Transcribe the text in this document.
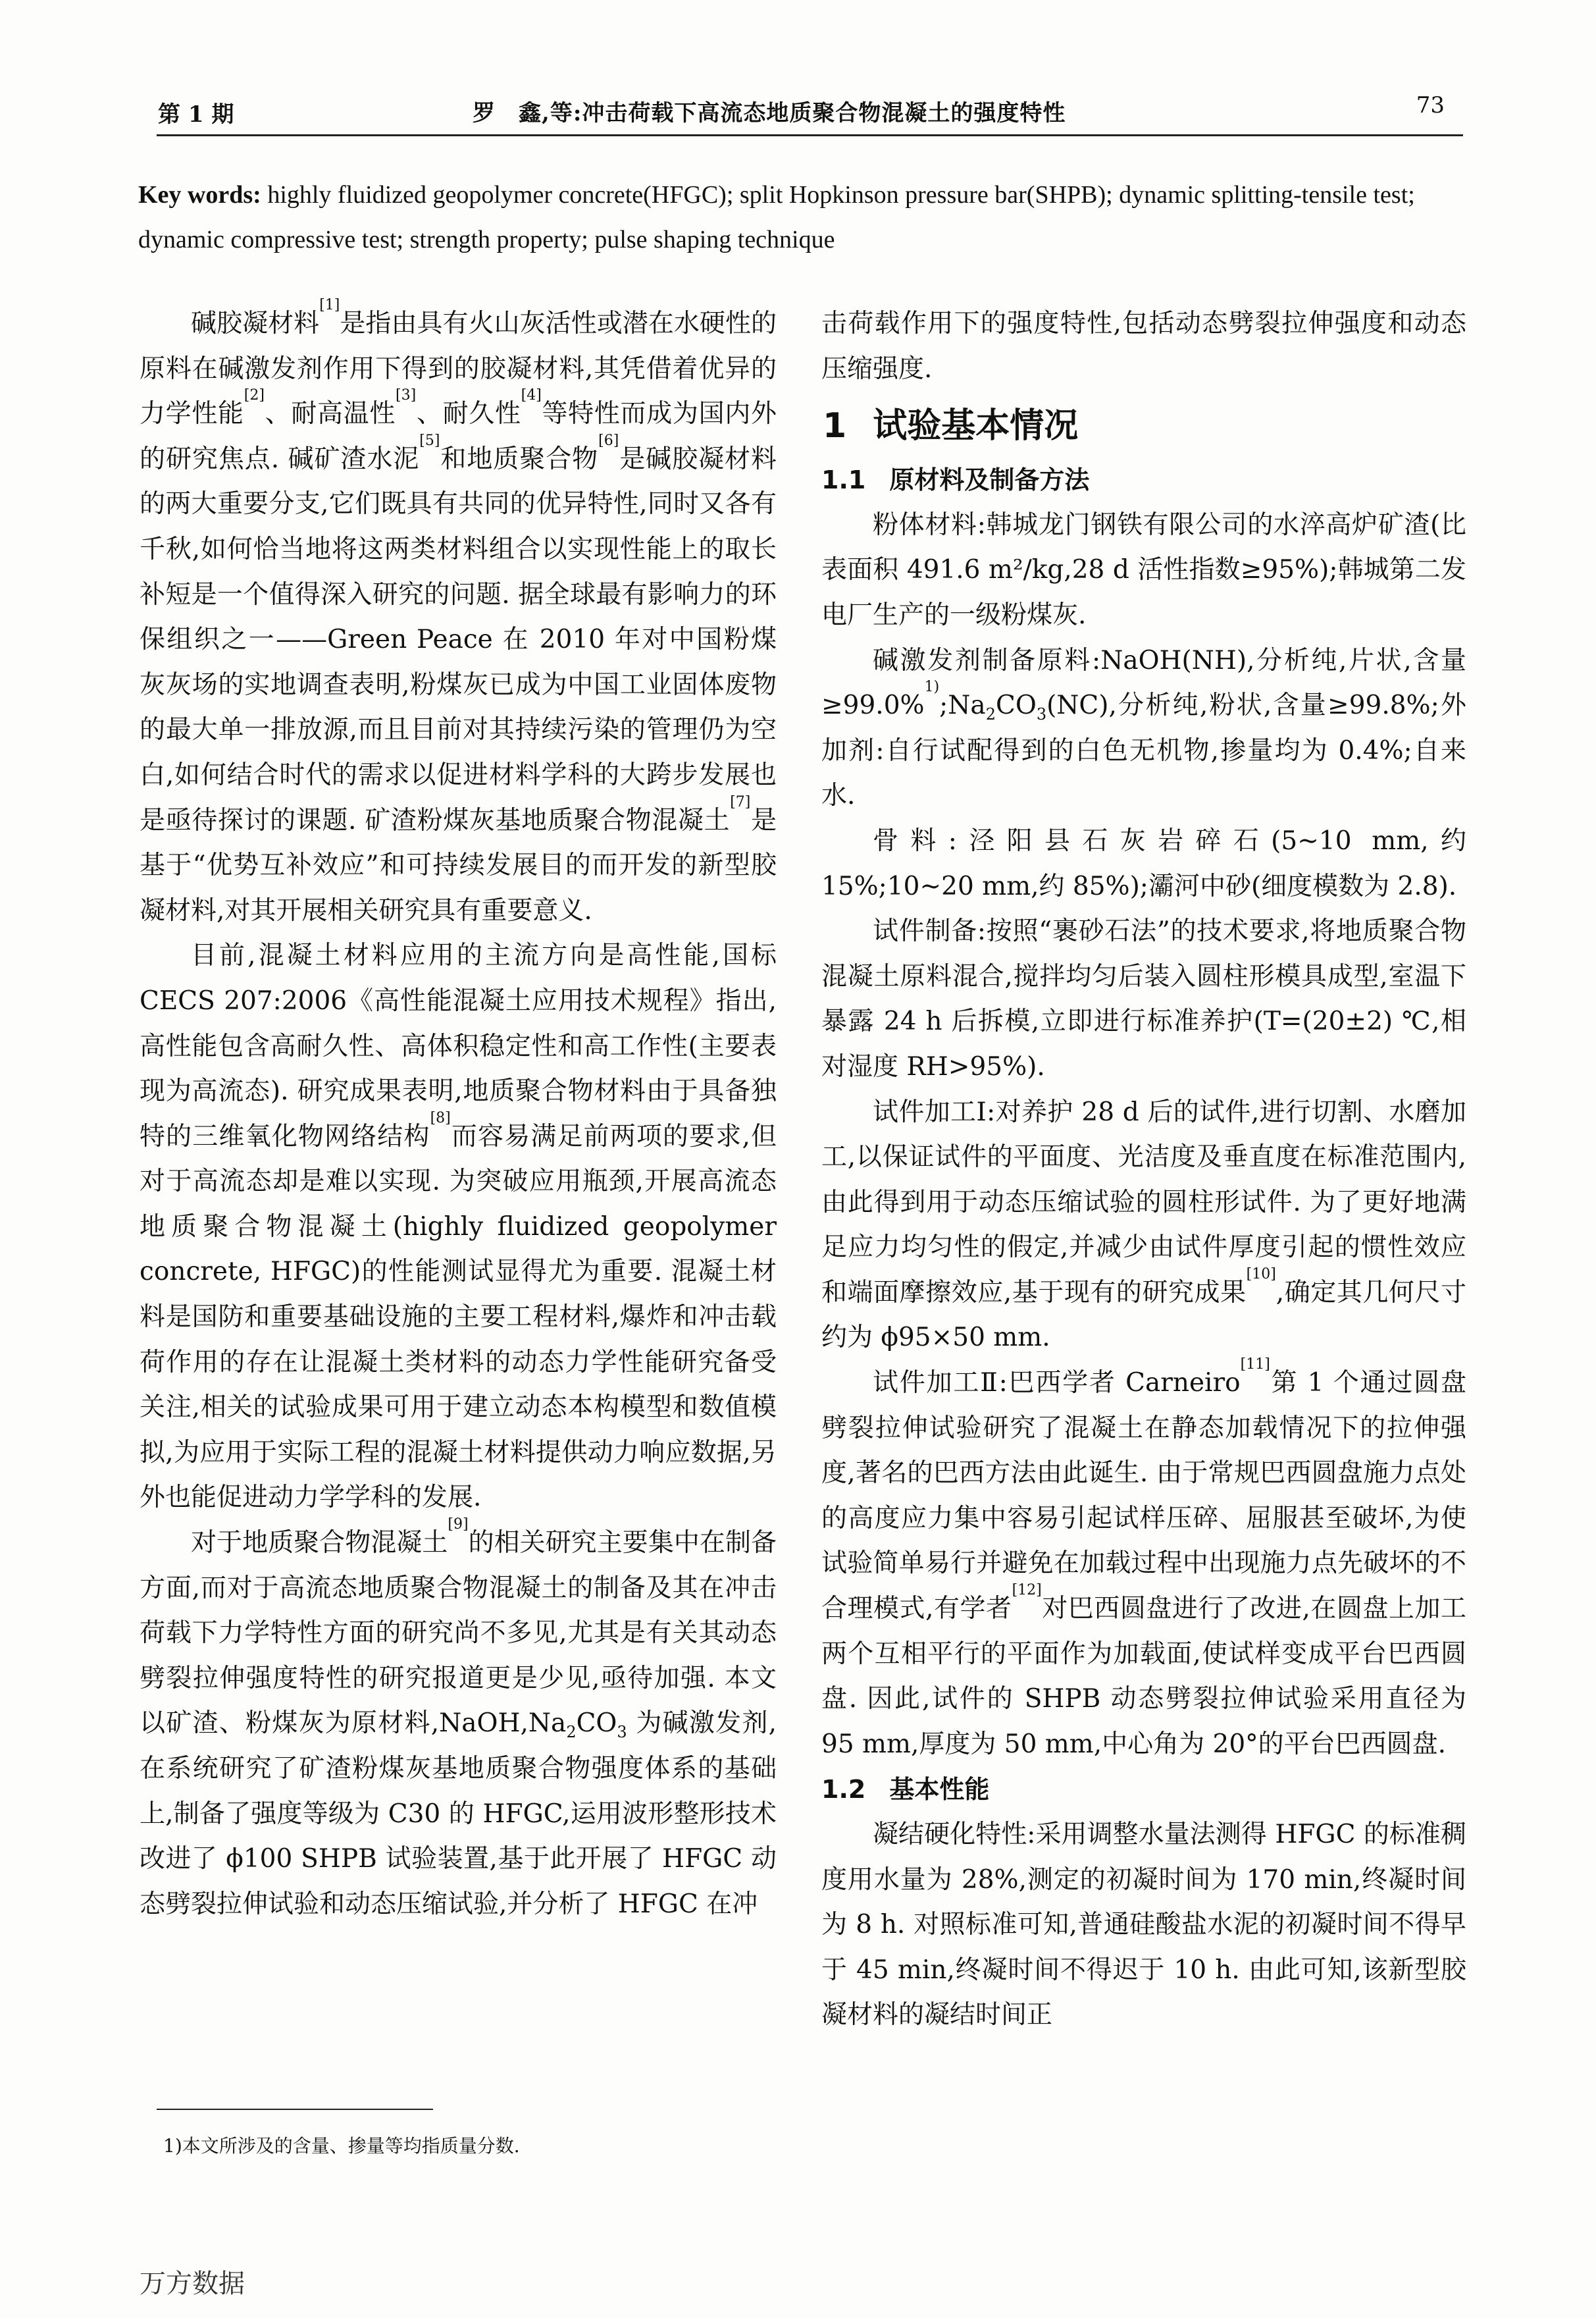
第 1 期	罗　鑫,等:冲击荷载下高流态地质聚合物混凝土的强度特性	73
Key words: highly fluidized geopolymer concrete(HFGC); split Hopkinson pressure bar(SHPB); dynamic splitting-tensile test; dynamic compressive test; strength property; pulse shaping technique

碱胶凝材料[1]是指由具有火山灰活性或潜在水硬性的原料在碱激发剂作用下得到的胶凝材料,其凭借着优异的力学性能[2]、耐高温性[3]、耐久性[4]等特性而成为国内外的研究焦点. 碱矿渣水泥[5]和地质聚合物[6]是碱胶凝材料的两大重要分支,它们既具有共同的优异特性,同时又各有千秋,如何恰当地将这两类材料组合以实现性能上的取长补短是一个值得深入研究的问题. 据全球最有影响力的环保组织之一——Green Peace 在 2010 年对中国粉煤灰灰场的实地调查表明,粉煤灰已成为中国工业固体废物的最大单一排放源,而且目前对其持续污染的管理仍为空白,如何结合时代的需求以促进材料学科的大跨步发展也是亟待探讨的课题. 矿渣粉煤灰基地质聚合物混凝土[7]是基于“优势互补效应”和可持续发展目的而开发的新型胶凝材料,对其开展相关研究具有重要意义.

目前,混凝土材料应用的主流方向是高性能,国标 CECS 207:2006《高性能混凝土应用技术规程》指出,高性能包含高耐久性、高体积稳定性和高工作性(主要表现为高流态). 研究成果表明,地质聚合物材料由于具备独特的三维氧化物网络结构[8]而容易满足前两项的要求,但对于高流态却是难以实现. 为突破应用瓶颈,开展高流态地质聚合物混凝土(highly fluidized geopolymer concrete, HFGC)的性能测试显得尤为重要. 混凝土材料是国防和重要基础设施的主要工程材料,爆炸和冲击载荷作用的存在让混凝土类材料的动态力学性能研究备受关注,相关的试验成果可用于建立动态本构模型和数值模拟,为应用于实际工程的混凝土材料提供动力响应数据,另外也能促进动力学学科的发展.

对于地质聚合物混凝土[9]的相关研究主要集中在制备方面,而对于高流态地质聚合物混凝土的制备及其在冲击荷载下力学特性方面的研究尚不多见,尤其是有关其动态劈裂拉伸强度特性的研究报道更是少见,亟待加强. 本文以矿渣、粉煤灰为原材料$,NaOH,Na_2CO_3$ 为碱激发剂,在系统研究了矿渣粉煤灰基地质聚合物强度体系的基础上,制备了强度等级为 C30 的 HFGC,运用波形整形技术改进了 ϕ100 SHPB 试验装置,基于此开展了 HFGC 动态劈裂拉伸试验和动态压缩试验,并分析了 HFGC 在冲

击荷载作用下的强度特性,包括动态劈裂拉伸强度和动态压缩强度.

1 试验基本情况

1.1 原材料及制备方法

粉体材料:韩城龙门钢铁有限公司的水淬高炉矿渣(比表面积 491.6 m²/kg,28 d 活性指数≥95%);韩城第二发电厂生产的一级粉煤灰.

碱激发剂制备原料:NaOH(NH),分析纯,片状,含量$\ge 99.0\%^{1)};Na_2CO_3(NC)$,分析纯,粉状,含量≥99.8%;外加剂:自行试配得到的白色无机物,掺量均为 0.4%;自来水.

骨料:泾阳县石灰岩碎石(5~10 mm,约 15%;10~20 mm,约 85%);灞河中砂(细度模数为 2.8).

试件制备:按照“裹砂石法”的技术要求,将地质聚合物混凝土原料混合,搅拌均匀后装入圆柱形模具成型,室温下暴露 24 h 后拆模,立即进行标准养护(T=(20±2) ℃,相对湿度 RH>95%).

试件加工Ⅰ:对养护 28 d 后的试件,进行切割、水磨加工,以保证试件的平面度、光洁度及垂直度在标准范围内,由此得到用于动态压缩试验的圆柱形试件. 为了更好地满足应力均匀性的假定,并减少由试件厚度引起的惯性效应和端面摩擦效应,基于现有的研究成果[10],确定其几何尺寸约为 ϕ95×50 mm.

试件加工Ⅱ:巴西学者 Carneiro[11]第 1 个通过圆盘劈裂拉伸试验研究了混凝土在静态加载情况下的拉伸强度,著名的巴西方法由此诞生. 由于常规巴西圆盘施力点处的高度应力集中容易引起试样压碎、屈服甚至破坏,为使试验简单易行并避免在加载过程中出现施力点先破坏的不合理模式,有学者[12]对巴西圆盘进行了改进,在圆盘上加工两个互相平行的平面作为加载面,使试样变成平台巴西圆盘. 因此,试件的 SHPB 动态劈裂拉伸试验采用直径为 95 mm,厚度为 50 mm,中心角为 20°的平台巴西圆盘.

1.2 基本性能

凝结硬化特性:采用调整水量法测得 HFGC 的标准稠度用水量为 28%,测定的初凝时间为 170 min,终凝时间为 8 h. 对照标准可知,普通硅酸盐水泥的初凝时间不得早于 45 min,终凝时间不得迟于 10 h. 由此可知,该新型胶凝材料的凝结时间正

1)本文所涉及的含量、掺量等均指质量分数.
万方数据
